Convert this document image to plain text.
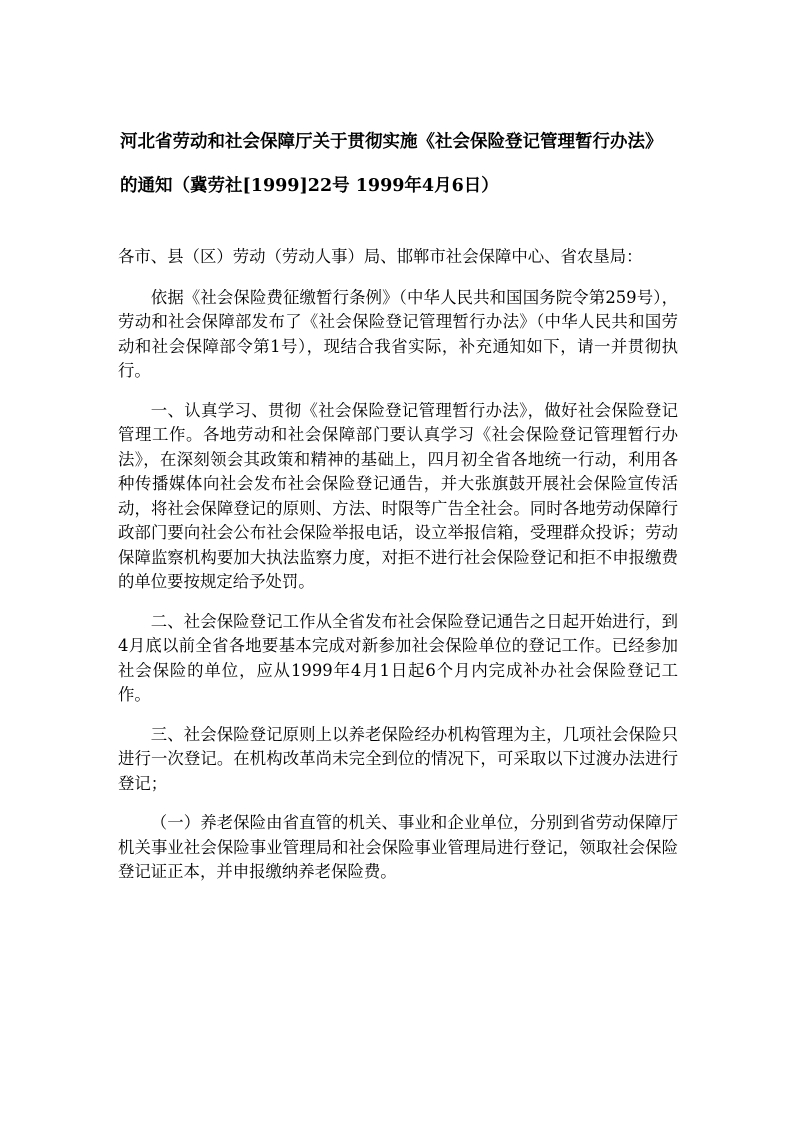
河北省劳动和社会保障厅关于贯彻实施《社会保险登记管理暂行办法》
的通知（冀劳社[1999]22号 1999年4月6日）

各市、县（区）劳动（劳动人事）局、邯郸市社会保障中心、省农垦局：

依据《社会保险费征缴暂行条例》（中华人民共和国国务院令第259号），劳动和社会保障部发布了《社会保险登记管理暂行办法》（中华人民共和国劳动和社会保障部令第1号），现结合我省实际，补充通知如下，请一并贯彻执行。

一、认真学习、贯彻《社会保险登记管理暂行办法》，做好社会保险登记管理工作。各地劳动和社会保障部门要认真学习《社会保险登记管理暂行办法》，在深刻领会其政策和精神的基础上，四月初全省各地统一行动，利用各种传播媒体向社会发布社会保险登记通告，并大张旗鼓开展社会保险宣传活动，将社会保障登记的原则、方法、时限等广告全社会。同时各地劳动保障行政部门要向社会公布社会保险举报电话，设立举报信箱，受理群众投诉；劳动保障监察机构要加大执法监察力度，对拒不进行社会保险登记和拒不申报缴费的单位要按规定给予处罚。

二、社会保险登记工作从全省发布社会保险登记通告之日起开始进行，到4月底以前全省各地要基本完成对新参加社会保险单位的登记工作。已经参加社会保险的单位，应从1999年4月1日起6个月内完成补办社会保险登记工作。

三、社会保险登记原则上以养老保险经办机构管理为主，几项社会保险只进行一次登记。在机构改革尚未完全到位的情况下，可采取以下过渡办法进行登记；

（一）养老保险由省直管的机关、事业和企业单位，分别到省劳动保障厅机关事业社会保险事业管理局和社会保险事业管理局进行登记，领取社会保险登记证正本，并申报缴纳养老保险费。
